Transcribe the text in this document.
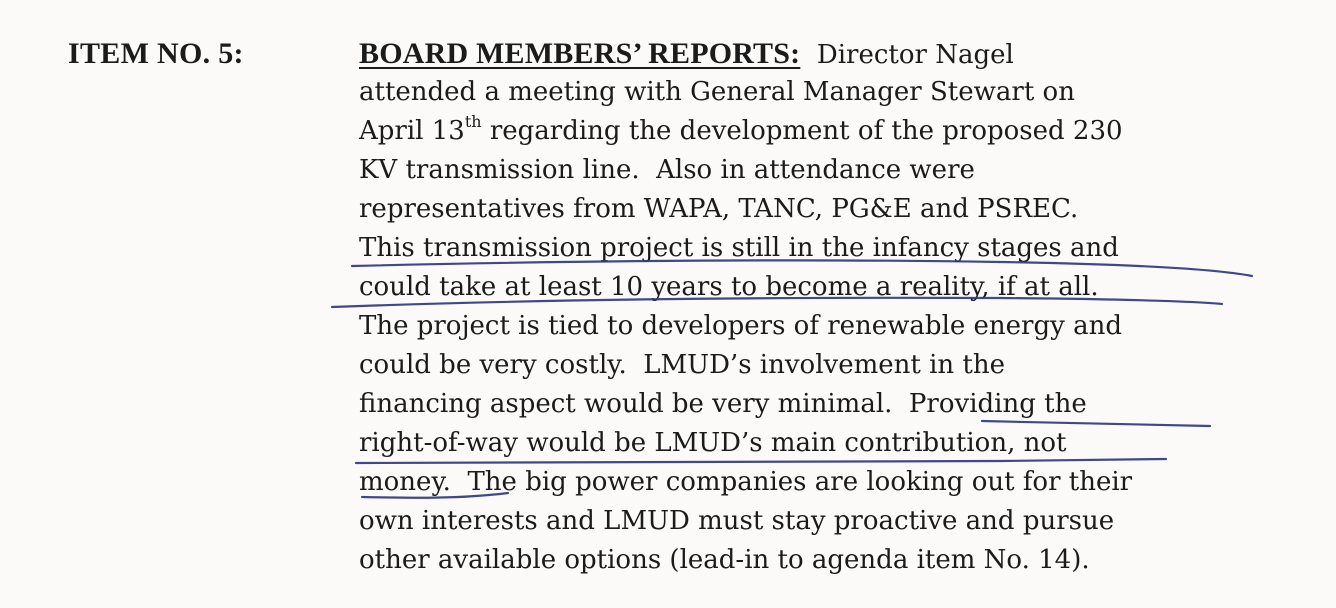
ITEM NO. 5:	BOARD MEMBERS’ REPORTS:  Director Nagel
attended a meeting with General Manager Stewart on
April 13th regarding the development of the proposed 230
KV transmission line.  Also in attendance were
representatives from WAPA, TANC, PG&E and PSREC.
This transmission project is still in the infancy stages and
could take at least 10 years to become a reality, if at all.
The project is tied to developers of renewable energy and
could be very costly.  LMUD’s involvement in the
financing aspect would be very minimal.  Providing the
right-of-way would be LMUD’s main contribution, not
money.  The big power companies are looking out for their
own interests and LMUD must stay proactive and pursue
other available options (lead-in to agenda item No. 14).
